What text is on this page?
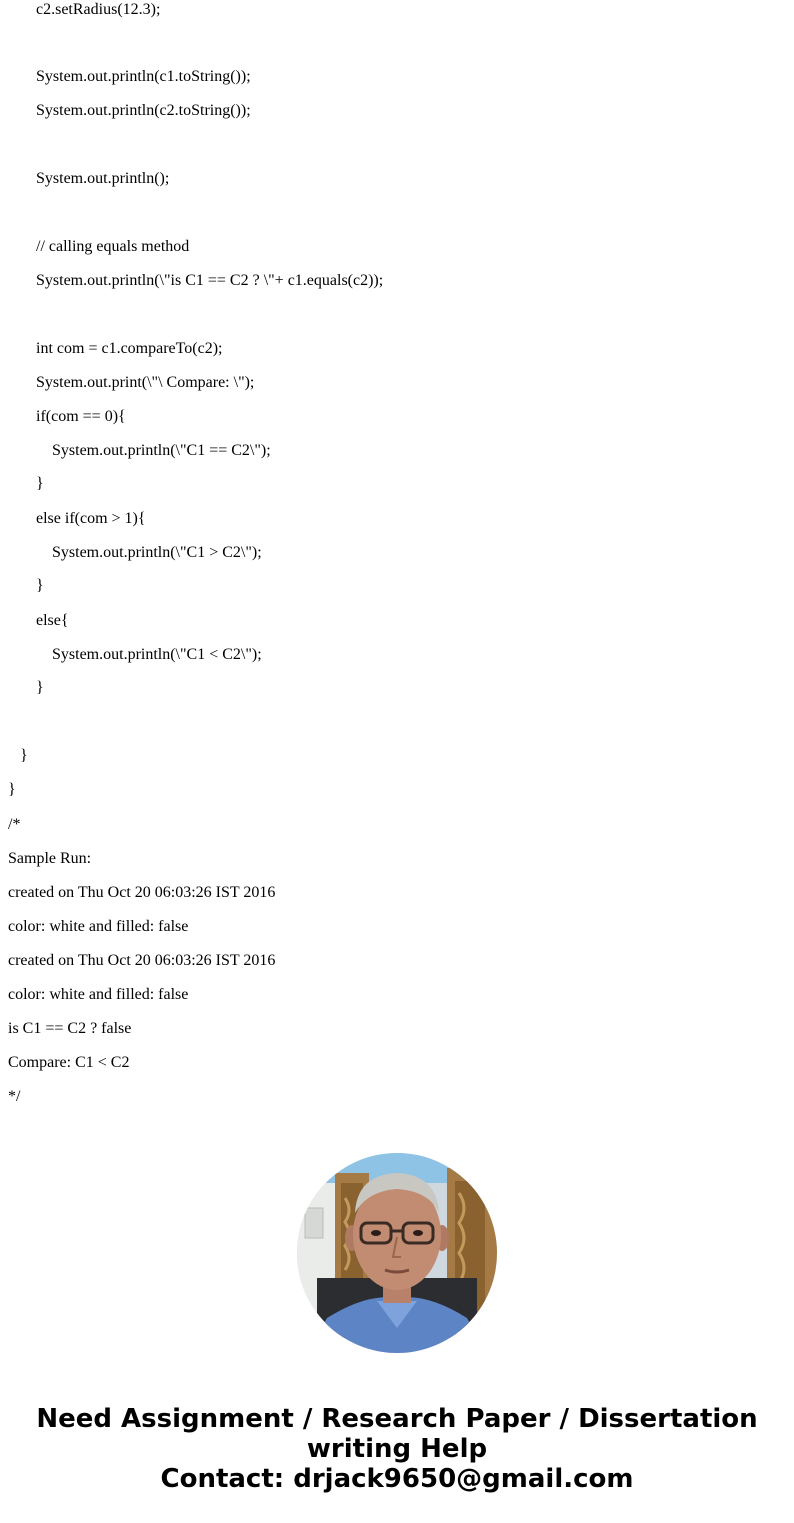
c2.setRadius(12.3);
System.out.println(c1.toString());
System.out.println(c2.toString());
System.out.println();
// calling equals method
System.out.println(\"is C1 == C2 ? \"+ c1.equals(c2));
int com = c1.compareTo(c2);
System.out.print(\"\ Compare: \");
if(com == 0){
System.out.println(\"C1 == C2\");
}
else if(com > 1){
System.out.println(\"C1 > C2\");
}
else{
System.out.println(\"C1 < C2\");
}
}
}
/*
Sample Run:
created on Thu Oct 20 06:03:26 IST 2016
color: white and filled: false
created on Thu Oct 20 06:03:26 IST 2016
color: white and filled: false
is C1 == C2 ? false
Compare: C1 < C2
*/
Need Assignment / Research Paper / Dissertation
writing Help
Contact: drjack9650@gmail.com
